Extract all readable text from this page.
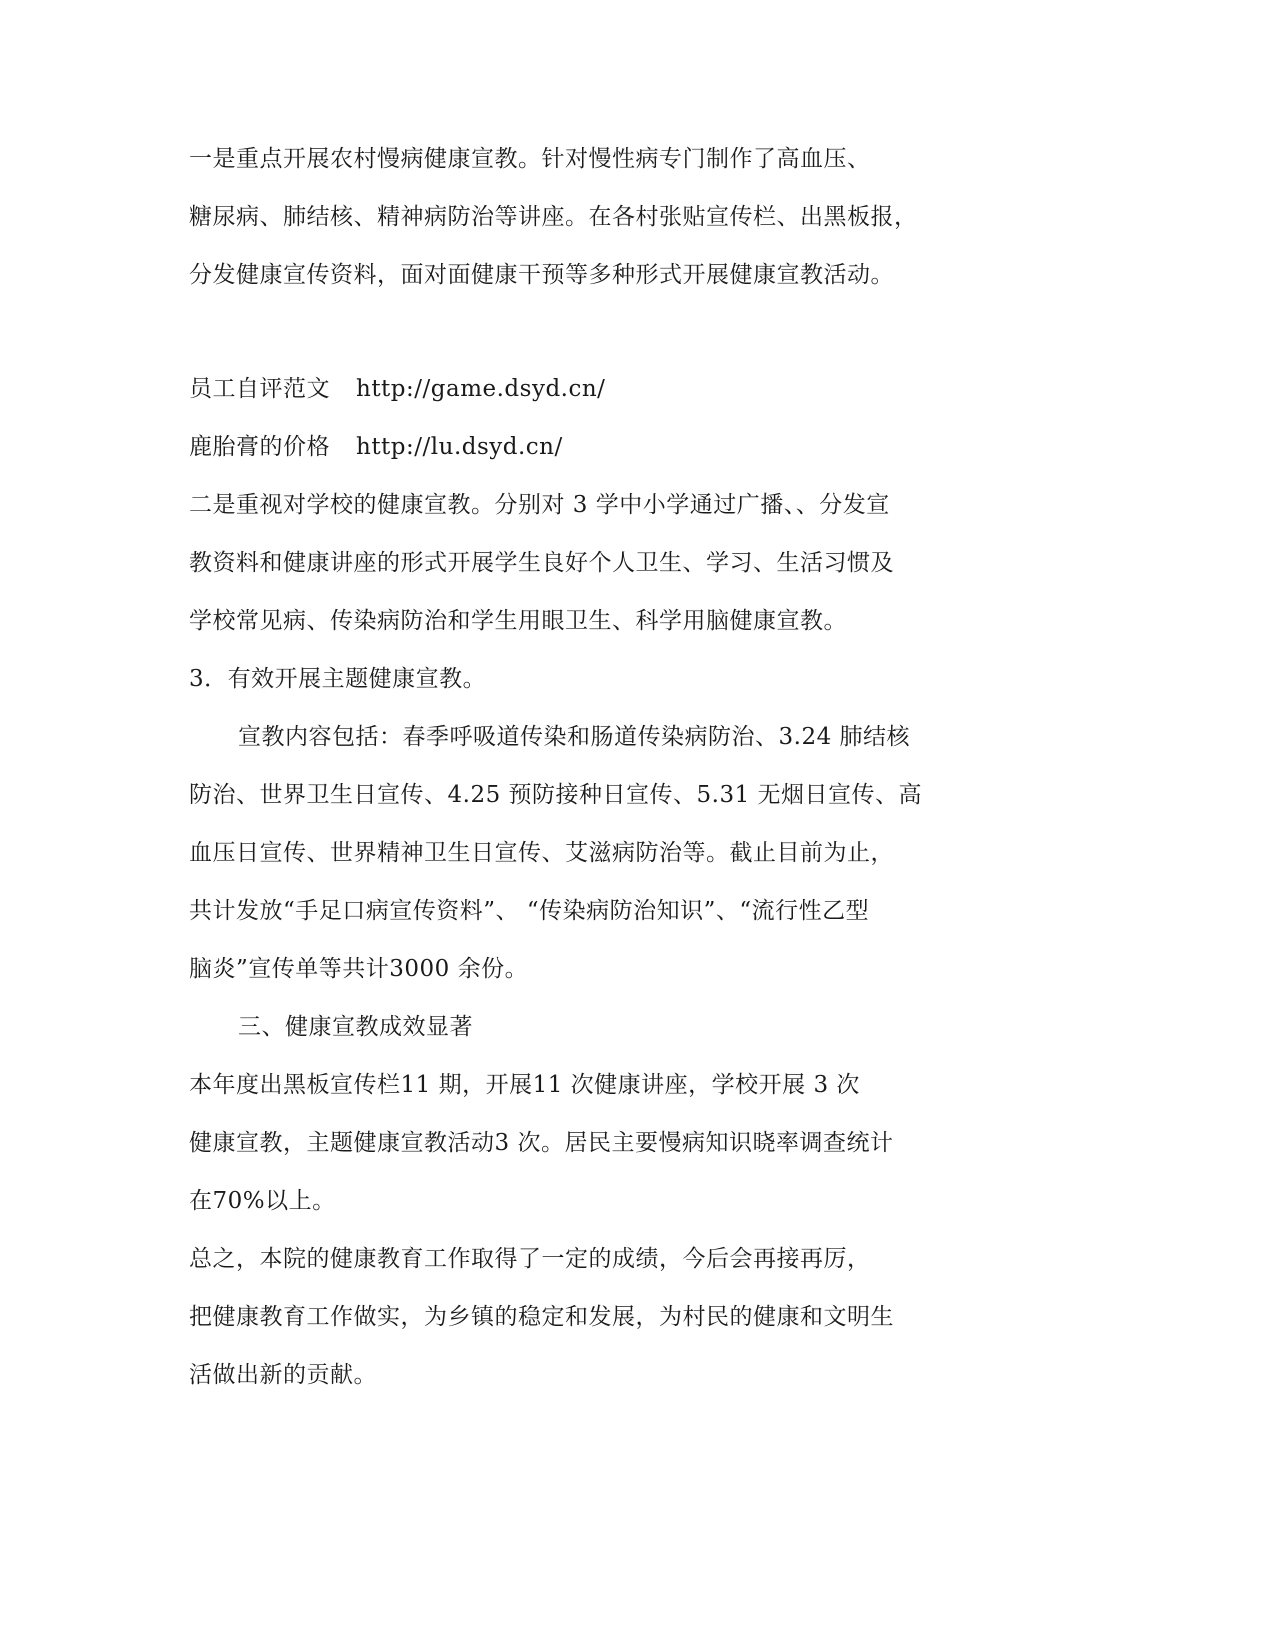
一是重点开展农村慢病健康宣教。针对慢性病专门制作了高血压、
糖尿病、肺结核、精神病防治等讲座。在各村张贴宣传栏、出黑板报，
分发健康宣传资料，面对面健康干预等多种形式开展健康宣教活动。
员工自评范文 http://game.dsyd.cn/
鹿胎膏的价格 http://lu.dsyd.cn/
二是重视对学校的健康宣教。分别对 3 学中小学通过广播、、分发宣
教资料和健康讲座的形式开展学生良好个人卫生、学习、生活习惯及
学校常见病、传染病防治和学生用眼卫生、科学用脑健康宣教。
3．有效开展主题健康宣教。
宣教内容包括：春季呼吸道传染和肠道传染病防治、3.24 肺结核
防治、世界卫生日宣传、4.25 预防接种日宣传、5.31 无烟日宣传、高
血压日宣传、世界精神卫生日宣传、艾滋病防治等。截止目前为止，
共计发放“手足口病宣传资料”、 “传染病防治知识”、“流行性乙型
脑炎”宣传单等共计3000 余份。
三、健康宣教成效显著
本年度出黑板宣传栏11 期，开展11 次健康讲座，学校开展 3 次
健康宣教，主题健康宣教活动3 次。居民主要慢病知识晓率调查统计
在70%以上。
总之，本院的健康教育工作取得了一定的成绩，今后会再接再厉，
把健康教育工作做实，为乡镇的稳定和发展，为村民的健康和文明生
活做出新的贡献。
